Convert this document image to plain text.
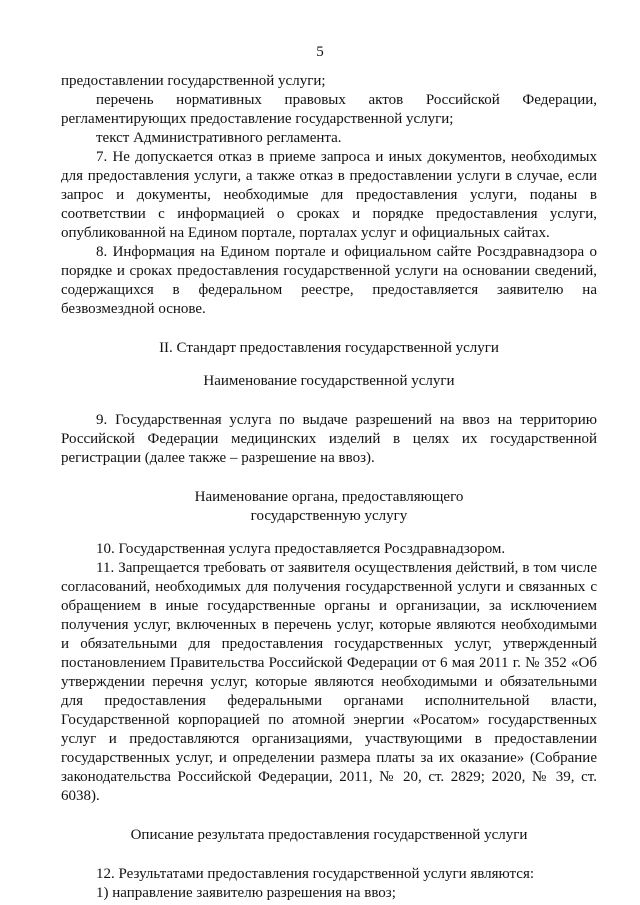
5

предоставлении государственной услуги;

перечень нормативных правовых актов Российской Федерации, регламентирующих предоставление государственной услуги;

текст Административного регламента.

7. Не допускается отказ в приеме запроса и иных документов, необходимых для предоставления услуги, а также отказ в предоставлении услуги в случае, если запрос и документы, необходимые для предоставления услуги, поданы в соответствии с информацией о сроках и порядке предоставления услуги, опубликованной на Едином портале, порталах услуг и официальных сайтах.

8. Информация на Едином портале и официальном сайте Росздравнадзора о порядке и сроках предоставления государственной услуги на основании сведений, содержащихся в федеральном реестре, предоставляется заявителю на безвозмездной основе.

II. Стандарт предоставления государственной услуги
Наименование государственной услуги

9. Государственная услуга по выдаче разрешений на ввоз на территорию Российской Федерации медицинских изделий в целях их государственной регистрации (далее также – разрешение на ввоз).

Наименование органа, предоставляющего
государственную услугу

10. Государственная услуга предоставляется Росздравнадзором.

11. Запрещается требовать от заявителя осуществления действий, в том числе согласований, необходимых для получения государственной услуги и связанных с обращением в иные государственные органы и организации, за исключением получения услуг, включенных в перечень услуг, которые являются необходимыми и обязательными для предоставления государственных услуг, утвержденный постановлением Правительства Российской Федерации от 6 мая 2011 г. № 352 «Об утверждении перечня услуг, которые являются необходимыми и обязательными для предоставления федеральными органами исполнительной власти, Государственной корпорацией по атомной энергии «Росатом» государственных услуг и предоставляются организациями, участвующими в предоставлении государственных услуг, и определении размера платы за их оказание» (Собрание законодательства Российской Федерации, 2011, № 20, ст. 2829; 2020, № 39, ст. 6038).

Описание результата предоставления государственной услуги

12. Результатами предоставления государственной услуги являются:

1) направление заявителю разрешения на ввоз;
